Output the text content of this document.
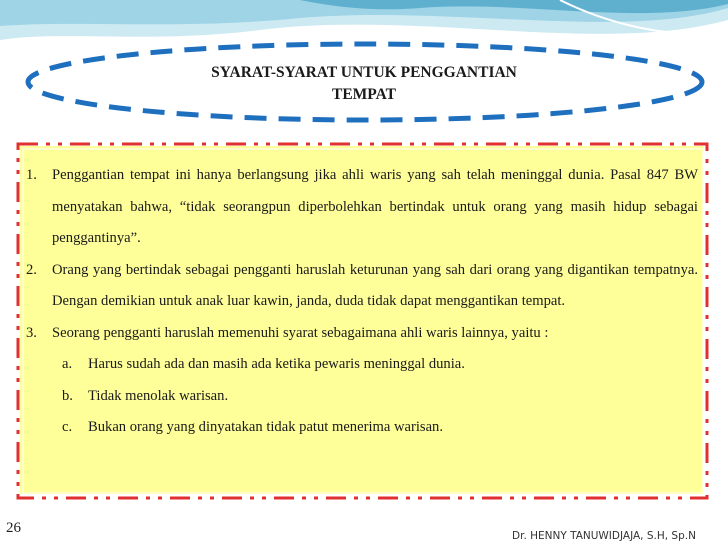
SYARAT-SYARAT UNTUK PENGGANTIAN
TEMPAT
1.	Penggantian tempat ini hanya berlangsung jika ahli waris yang sah telah meninggal dunia. Pasal 847 BW menyatakan bahwa, “tidak seorangpun diperbolehkan bertindak untuk orang yang masih hidup sebagai penggantinya”.
2.	Orang yang bertindak sebagai pengganti haruslah keturunan yang sah dari orang yang digantikan tempatnya. Dengan demikian untuk anak luar kawin, janda, duda tidak dapat menggantikan tempat.
3.	Seorang pengganti haruslah memenuhi syarat sebagaimana ahli waris lainnya, yaitu :
a.	Harus sudah ada dan masih ada ketika pewaris meninggal dunia.
b.	Tidak menolak warisan.
c.	Bukan orang yang dinyatakan tidak patut menerima warisan.
26	Dr. HENNY TANUWIDJAJA, S.H, Sp.N
